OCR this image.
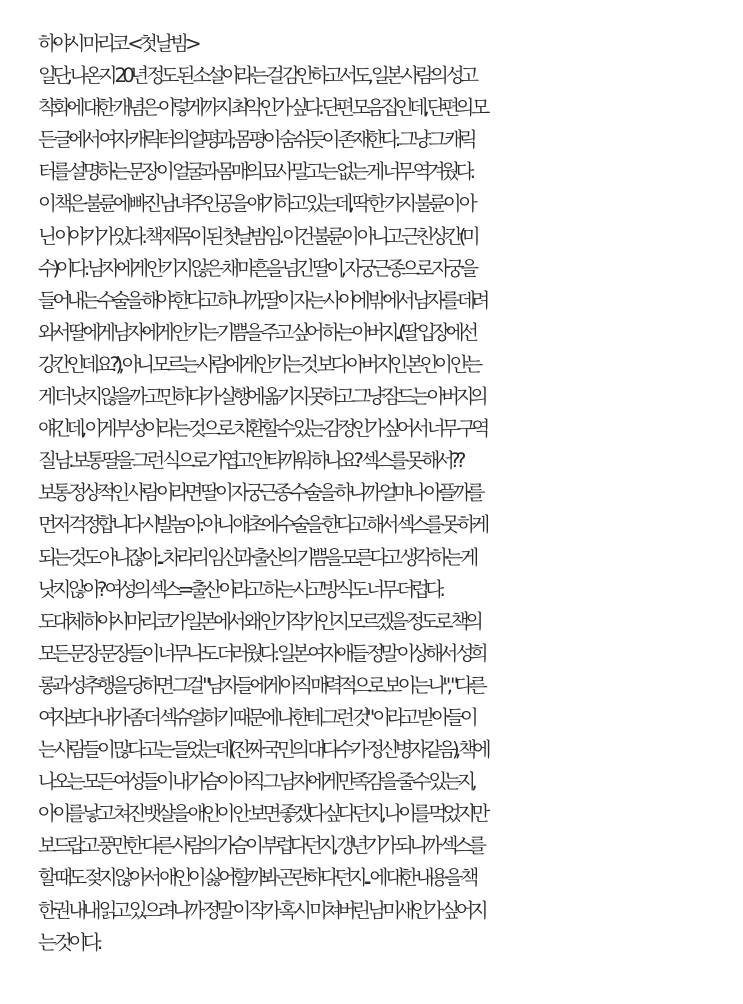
하야시 마리코 <첫 날 밤>
일단, 나온지 20년 정도 된 소설이라는 걸 감안하고서도, 일본 사람의 성고
착화에 대한 개념은 이렇게까지 최악인가 싶다. 단편 모음집인데, 단편의 모
든 글에서 여자 캐릭터의 얼평과, 몸평이 숨쉬듯이 존재한다. 그냥 그 캐릭
터를 설명하는 문장이 얼굴과 몸매의 묘사 말고는 없는 게 너무 역겨웠다.
이 책은 불륜에 빠진 남녀주인공을 얘기하고 있는데, 딱 한 가지 불륜이 아
닌 이야기가 있다. 책 제목이 된 첫날밤임. 이건 불륜이 아니고 근친상간(미
수)이다. 남자에게 안기지 않은 채 마흔을 넘긴 딸이, 자궁근종으로 자궁을
들어내는 수술을 해야 한다고 하니까, 딸이 자는 사이에 밖에서 남자를 데려
와서 딸에게 남자에게 안기는 기쁨을 주고 싶어 하는 아버지..(딸 입장에선
강간인데요?), 아니 모르는 사람에게 안기는 것 보다 아버지인 본인이 안는
게 더 낫지 않을까 고민하다가 실행에 옮기지 못하고 그냥 잠드는 아버지의
얘긴데, 이게 부성이라는 것으로 치환할 수 있는 감정인가 싶어서 너무 구역
질 남. 보통 딸을 그런 식으로 가엽고 안타까워 하나요? 섹스를 못 해서??
보통 정상적인 사람이라면 딸이 자궁근종 수술을 하니까 얼마나 아플까를
먼저 걱정합니다 시발놈아. 아니 애초에 수술을 한다고 해서 섹스를 못 하게
되는 것도 아니잖아... 차라리 임신과 출산의 기쁨을 모른다고 생각 하는 게
낫지 않아? 여성의 섹스=출산이라고 하는 사고방식도 너무 더럽다.
도대체 하야시마리코가 일본에서 왜 인기작가인지 모르겠을 정도로 책의
모든 문장 문장들이 너무나도 더러웠다. 일본 여자애들 정말 이상해서 성희
롱과 성추행을 당하면 그걸 "남자들에게 아직 매력적으로 보이는 나", "다른
여자보다 내가 좀 더 섹슈얼하기 때문에 나한테 그런 것" 이라고 받아들이
는 사람들이 많다고는 들었는데(진짜 국민의 대다수가 정신병자같음), 책에
나오는 모든 여성들이 내 가슴이 아직 그 남자에게 만족감을 줄 수 있는지,
아이를 낳고 쳐진 뱃살을 애인이 안 보면 좋겠다 싶다던지, 나이를 먹었지만
보드랍고 풍만한 다른 사람의 가슴이 부럽다던지, 갱년기가 되니까 섹스를
할 때도 젖지 않아서 애인이 싫어할까봐 곤란하다던지... 에 대한 내용을 책
한권 내내 읽고 있으려니까 정말 이 작가 혹시 미쳐버린 남미새인가 싶어지
는 것이다.
